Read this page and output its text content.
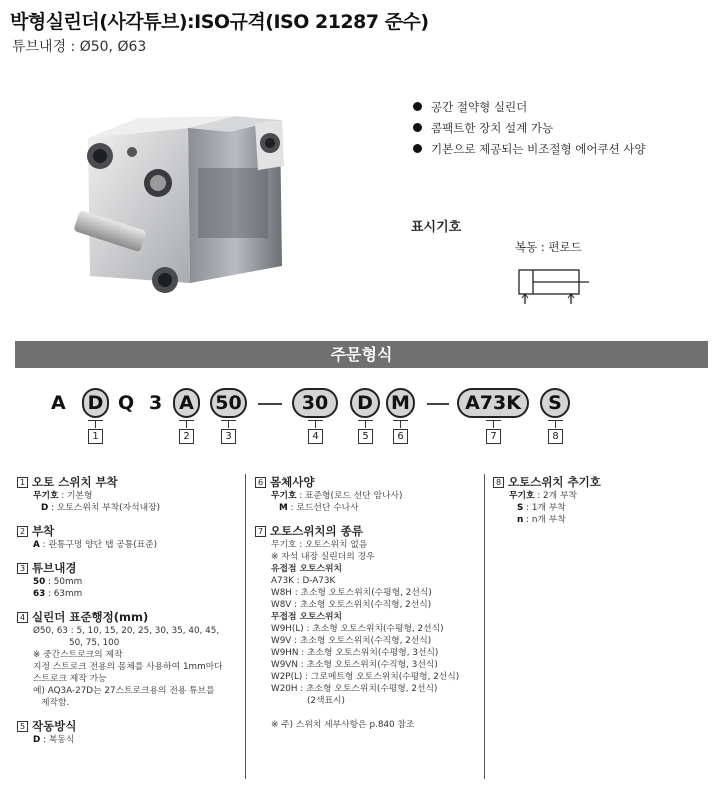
박형실린더(사각튜브):ISO규격(ISO 21287 준수)
튜브내경 : Ø50, Ø63
공간 절약형 실린더
콤팩트한 장치 설계 가능
기본으로 제공되는 비조절형 에어쿠션 사양
표시기호
복동 : 편로드
주문형식
A D Q 3 A	50	30	D M	A73K	S
1	2	3	4	5	6	7	8
1 오토 스위치 부착
무기호 : 기본형
D : 오토스위치 부착(자석내장)
2 부착
A : 관통구멍 양단 탭 공통(표준)
3 튜브내경
50 : 50mm
63 : 63mm
4 실린더 표준행정(mm)
Ø50, 63 : 5, 10, 15, 20, 25, 30, 35, 40, 45,
50, 75, 100
※ 중간스트로크의 제작
지정 스트로크 전용의 몸체를 사용하여 1mm마다
스트로크 제작 가능
예) AQ3A-27D는 27스트로크용의 전용 튜브를
제작함.
5 작동방식
D : 복동식
6 몸체사양
무기호 : 표준형(로드 선단 암나사)
M : 로드선단 수나사
7 오토스위치의 종류
무기호 : 오토스위치 없음
※ 자석 내장 실린더의 경우
유접점 오토스위치
A73K : D-A73K
W8H : 초소형 오토스위치(수평형, 2선식)
W8V : 초소형 오토스위치(수직형, 2선식)
무접점 오토스위치
W9H(L) : 초소형 오토스위치(수평형, 2선식)
W9V : 초소형 오토스위치(수직형, 2선식)
W9HN : 초소형 오토스위치(수평형, 3선식)
W9VN : 초소형 오토스위치(수직형, 3선식)
W2P(L) : 그로메트형 오토스위치(수평형, 2선식)
W20H : 초소형 오토스위치(수평형, 2선식)
(2색표시)
※ 주) 스위치 세부사항은 p.840 참조
8 오토스위치 추기호
무기호 : 2개 부착
S : 1개 부착
n : n개 부착
